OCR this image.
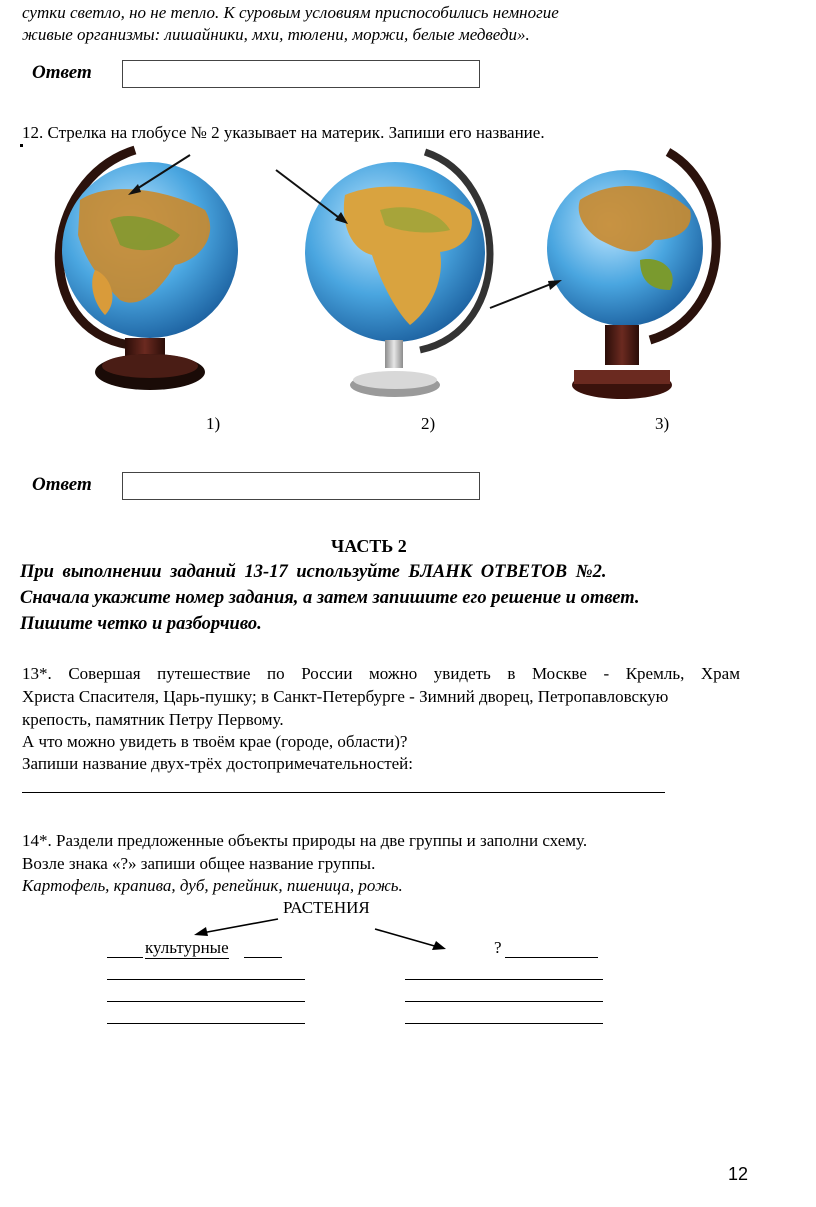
сутки светло, но не тепло. К суровым условиям приспособились немногие
живые организмы: лишайники, мхи, тюлени, моржи, белые медведи».
Ответ
12. Стрелка на глобусе № 2 указывает на материк. Запиши его название.
1)	2)	3)
Ответ
ЧАСТЬ 2
При выполнении заданий 13-17 используйте БЛАНК ОТВЕТОВ №2.
Сначала укажите номер задания, а затем запишите его решение и ответ.
Пишите четко и разборчиво.
13*. Совершая путешествие по России можно увидеть в Москве - Кремль, Храм
Христа Спасителя, Царь-пушку; в Санкт-Петербурге - Зимний дворец, Петропавловскую
крепость, памятник Петру Первому.
А что можно увидеть в твоём крае (городе, области)?
Запиши название двух-трёх достопримечательностей:
14*. Раздели предложенные объекты природы на две группы и заполни схему.
Возле знака «?» запиши общее название группы.
Картофель, крапива, дуб, репейник, пшеница, рожь.
РАСТЕНИЯ
культурные	?
12
